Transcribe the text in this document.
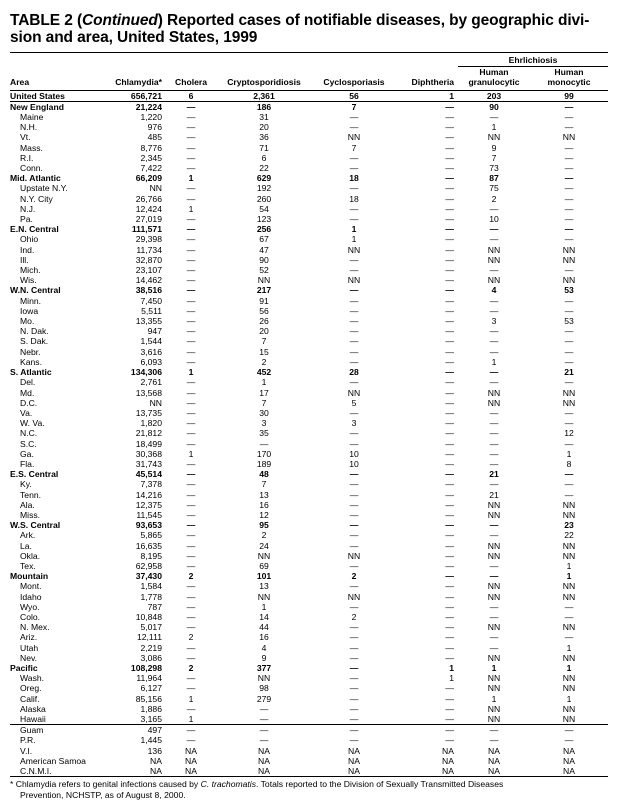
TABLE 2 (Continued) Reported cases of notifiable diseases, by geographic divi-
sion and area, United States, 1999

						Ehrlichiosis	
Area	Chlamydia*	Cholera	Cryptosporidiosis	Cyclosporiasis	Diphtheria	Human
granulocytic	Human
monocytic
United States	656,721	6	2,361	56	1	203	99
New England	21,224	—	186	7	—	90	—
Maine	1,220	—	31	—	—	—	—
N.H.	976	—	20	—	—	1	—
Vt.	485	—	36	NN	—	NN	NN
Mass.	8,776	—	71	7	—	9	—
R.I.	2,345	—	6	—	—	7	—
Conn.	7,422	—	22	—	—	73	—
Mid. Atlantic	66,209	1	629	18	—	87	—
Upstate N.Y.	NN	—	192	—	—	75	—
N.Y. City	26,766	—	260	18	—	2	—
N.J.	12,424	1	54	—	—	—	—
Pa.	27,019	—	123	—	—	10	—
E.N. Central	111,571	—	256	1	—	—	—
Ohio	29,398	—	67	1	—	—	—
Ind.	11,734	—	47	NN	—	NN	NN
Ill.	32,870	—	90	—	—	NN	NN
Mich.	23,107	—	52	—	—	—	—
Wis.	14,462	—	NN	NN	—	NN	NN
W.N. Central	38,516	—	217	—	—	4	53
Minn.	7,450	—	91	—	—	—	—
Iowa	5,511	—	56	—	—	—	—
Mo.	13,355	—	26	—	—	3	53
N. Dak.	947	—	20	—	—	—	—
S. Dak.	1,544	—	7	—	—	—	—
Nebr.	3,616	—	15	—	—	—	—
Kans.	6,093	—	2	—	—	1	—
S. Atlantic	134,306	1	452	28	—	—	21
Del.	2,761	—	1	—	—	—	—
Md.	13,568	—	17	NN	—	NN	NN
D.C.	NN	—	7	5	—	NN	NN
Va.	13,735	—	30	—	—	—	—
W. Va.	1,820	—	3	3	—	—	—
N.C.	21,812	—	35	—	—	—	12
S.C.	18,499	—	—	—	—	—	—
Ga.	30,368	1	170	10	—	—	1
Fla.	31,743	—	189	10	—	—	8
E.S. Central	45,514	—	48	—	—	21	—
Ky.	7,378	—	7	—	—	—	—
Tenn.	14,216	—	13	—	—	21	—
Ala.	12,375	—	16	—	—	NN	NN
Miss.	11,545	—	12	—	—	NN	NN
W.S. Central	93,653	—	95	—	—	—	23
Ark.	5,865	—	2	—	—	—	22
La.	16,635	—	24	—	—	NN	NN
Okla.	8,195	—	NN	NN	—	NN	NN
Tex.	62,958	—	69	—	—	—	1
Mountain	37,430	2	101	2	—	—	1
Mont.	1,584	—	13	—	—	NN	NN
Idaho	1,778	—	NN	NN	—	NN	NN
Wyo.	787	—	1	—	—	—	—
Colo.	10,848	—	14	2	—	—	—
N. Mex.	5,017	—	44	—	—	NN	NN
Ariz.	12,111	2	16	—	—	—	—
Utah	2,219	—	4	—	—	—	1
Nev.	3,086	—	9	—	—	NN	NN
Pacific	108,298	2	377	—	1	1	1
Wash.	11,964	—	NN	—	1	NN	NN
Oreg.	6,127	—	98	—	—	NN	NN
Calif.	85,156	1	279	—	—	1	1
Alaska	1,886	—	—	—	—	NN	NN
Hawaii	3,165	1	—	—	—	NN	NN
Guam	497	—	—	—	—	—	—
P.R.	1,445	—	—	—	—	—	—
V.I.	136	NA	NA	NA	NA	NA	NA
American Samoa	NA	NA	NA	NA	NA	NA	NA
C.N.M.I.	NA	NA	NA	NA	NA	NA	NA
* Chlamydia refers to genital infections caused by C. trachomatis. Totals reported to the Division of Sexually Transmitted Diseases
Prevention, NCHSTP, as of August 8, 2000.
